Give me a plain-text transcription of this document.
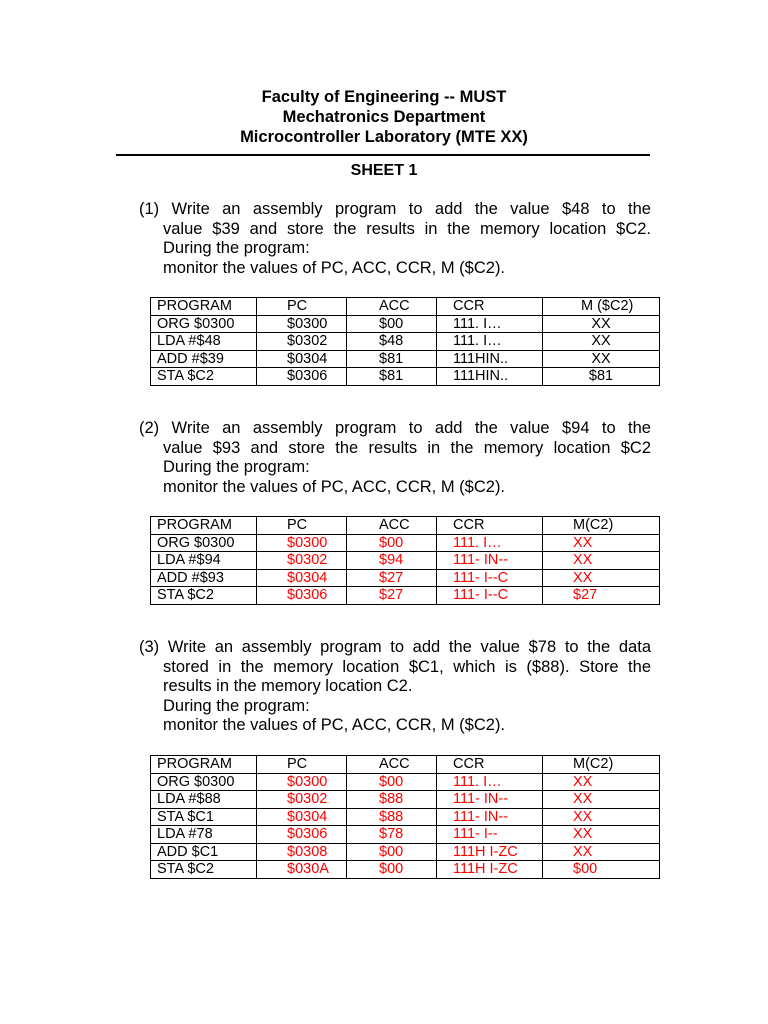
Faculty of Engineering -- MUST
Mechatronics Department
Microcontroller Laboratory (MTE XX)
SHEET 1
(1) Write an assembly program to add the value $48 to the
value $39 and store the results in the memory location $C2.
During the program:
monitor the values of PC, ACC, CCR, M ($C2).
PROGRAM	PC	ACC	CCR	M ($C2)
ORG $0300	$0300	$00	111. I…	XX
LDA #$48	$0302	$48	111. I…	XX
ADD #$39	$0304	$81	111HIN..	XX
STA $C2	$0306	$81	111HIN..	$81
(2) Write an assembly program to add the value $94 to the
value $93 and store the results in the memory location $C2
During the program:
monitor the values of PC, ACC, CCR, M ($C2).
PROGRAM	PC	ACC	CCR	M(C2)
ORG $0300	$0300	$00	111. I…	XX
LDA #$94	$0302	$94	111- IN--	XX
ADD #$93	$0304	$27	111- I--C	XX
STA $C2	$0306	$27	111- I--C	$27
(3) Write an assembly program to add the value $78 to the data
stored in the memory location $C1, which is ($88). Store the
results in the memory location C2.
During the program:
monitor the values of PC, ACC, CCR, M ($C2).
PROGRAM	PC	ACC	CCR	M(C2)
ORG $0300	$0300	$00	111. I…	XX
LDA #$88	$0302	$88	111- IN--	XX
STA $C1	$0304	$88	111- IN--	XX
LDA #78	$0306	$78	111- I--	XX
ADD $C1	$0308	$00	111H I-ZC	XX
STA $C2	$030A	$00	111H I-ZC	$00
